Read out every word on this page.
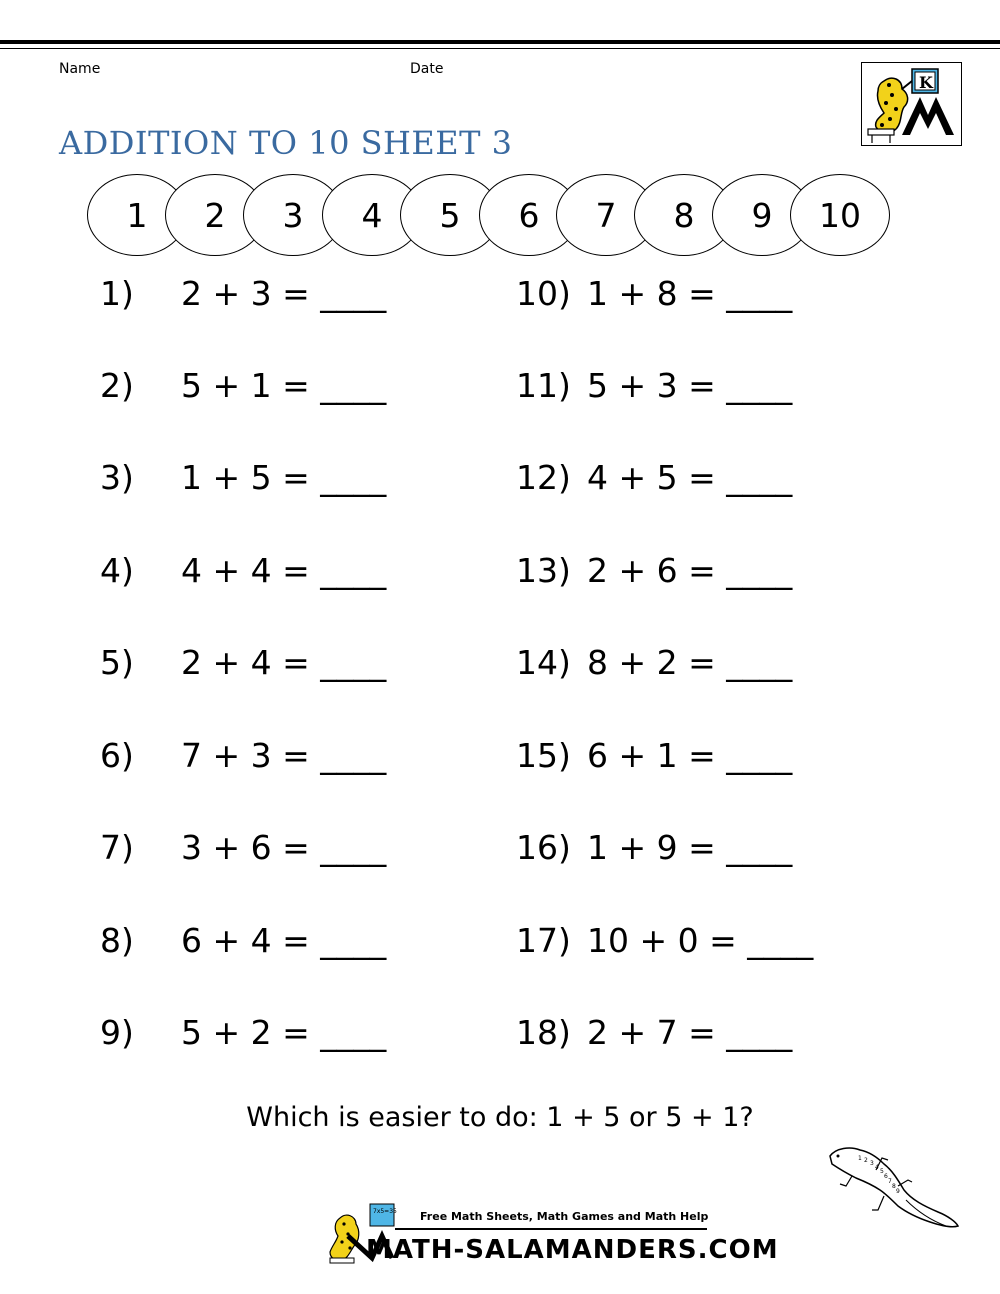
Name	Date
ADDITION TO 10 SHEET 3
K
1	2	3	4	5	6	7	8	9	10
1) 2 + 3 = ____
2) 5 + 1 = ____
3) 1 + 5 = ____
4) 4 + 4 = ____
5) 2 + 4 = ____
6) 7 + 3 = ____
7) 3 + 6 = ____
8) 6 + 4 = ____
9) 5 + 2 = ____
10) 1 + 8 = ____
11) 5 + 3 = ____
12) 4 + 5 = ____
13) 2 + 6 = ____
14) 8 + 2 = ____
15) 6 + 1 = ____
16) 1 + 9 = ____
17) 10 + 0 = ____
18) 2 + 7 = ____
Which is easier to do: 1 + 5 or 5 + 1?
1 2 3
4
5
6
7
8
9
7x5=35 Free Math Sheets, Math Games and Math Help
MATH-SALAMANDERS.COM
